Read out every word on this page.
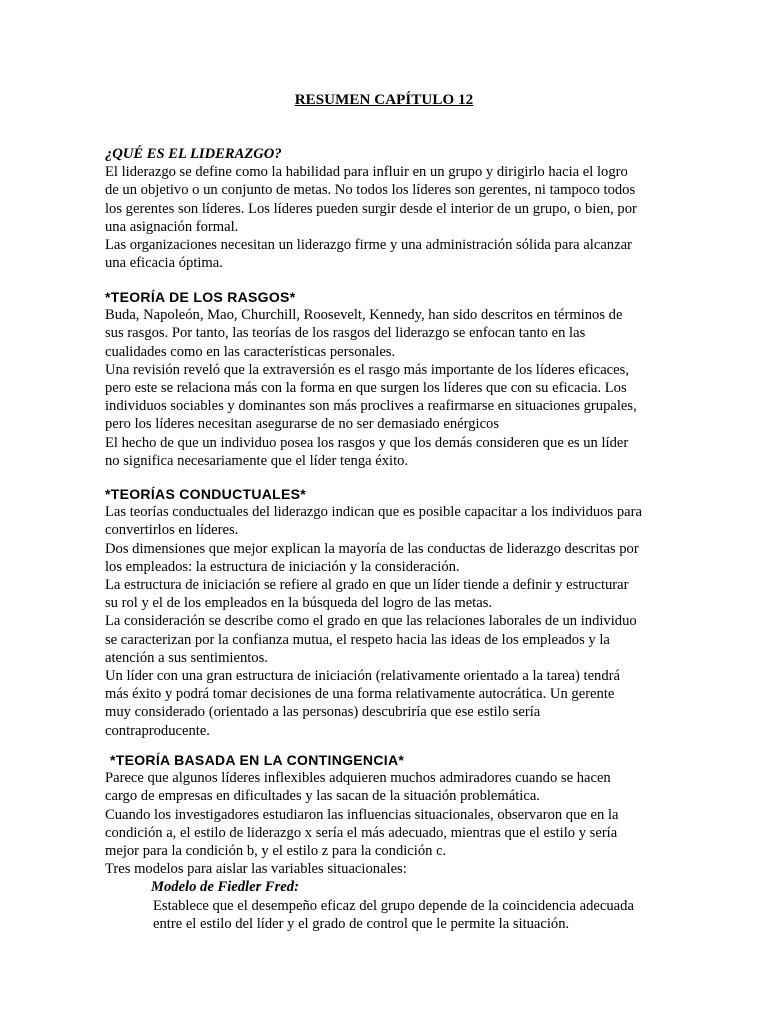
RESUMEN CAPÍTULO 12

¿QUÉ ES EL LIDERAZGO?

El liderazgo se define como la habilidad para influir en un grupo y dirigirlo hacia el logro

de un objetivo o un conjunto de metas. No todos los líderes son gerentes, ni tampoco todos

los gerentes son líderes. Los líderes pueden surgir desde el interior de un grupo, o bien, por

una asignación formal.

Las organizaciones necesitan un liderazgo firme y una administración sólida para alcanzar

una eficacia óptima.

*TEORÍA DE LOS RASGOS*

Buda, Napoleón, Mao, Churchill, Roosevelt, Kennedy, han sido descritos en términos de

sus rasgos. Por tanto, las teorías de los rasgos del liderazgo se enfocan tanto en las

cualidades como en las características personales.

Una revisión reveló que la extraversión es el rasgo más importante de los líderes eficaces,

pero este se relaciona más con la forma en que surgen los líderes que con su eficacia. Los

individuos sociables y dominantes son más proclives a reafirmarse en situaciones grupales,

pero los líderes necesitan asegurarse de no ser demasiado enérgicos

El hecho de que un individuo posea los rasgos y que los demás consideren que es un líder

no significa necesariamente que el líder tenga éxito.

*TEORÍAS CONDUCTUALES*

Las teorías conductuales del liderazgo indican que es posible capacitar a los individuos para

convertirlos en líderes.

Dos dimensiones que mejor explican la mayoría de las conductas de liderazgo descritas por

los empleados: la estructura de iniciación y la consideración.

La estructura de iniciación se refiere al grado en que un líder tiende a definir y estructurar

su rol y el de los empleados en la búsqueda del logro de las metas.

La consideración se describe como el grado en que las relaciones laborales de un individuo

se caracterizan por la confianza mutua, el respeto hacia las ideas de los empleados y la

atención a sus sentimientos.

Un líder con una gran estructura de iniciación (relativamente orientado a la tarea) tendrá

más éxito y podrá tomar decisiones de una forma relativamente autocrática. Un gerente

muy considerado (orientado a las personas) descubriría que ese estilo sería

contraproducente.

*TEORÍA BASADA EN LA CONTINGENCIA*

Parece que algunos líderes inflexibles adquieren muchos admiradores cuando se hacen

cargo de empresas en dificultades y las sacan de la situación problemática.

Cuando los investigadores estudiaron las influencias situacionales, observaron que en la

condición a, el estilo de liderazgo x sería el más adecuado, mientras que el estilo y sería

mejor para la condición b, y el estilo z para la condición c.

Tres modelos para aislar las variables situacionales:

Modelo de Fiedler Fred:

Establece que el desempeño eficaz del grupo depende de la coincidencia adecuada

entre el estilo del líder y el grado de control que le permite la situación.
